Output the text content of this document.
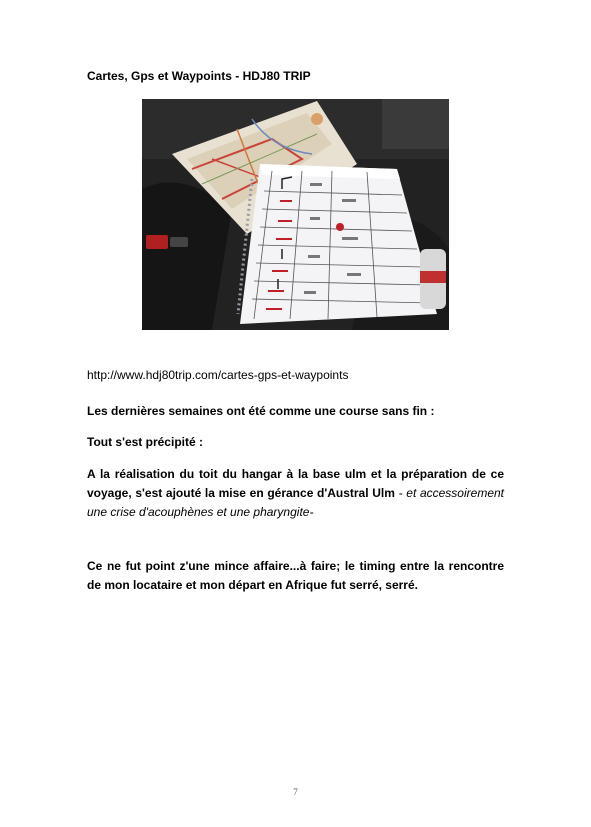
Cartes, Gps et Waypoints - HDJ80 TRIP
http://www.hdj80trip.com/cartes-gps-et-waypoints
Les dernières semaines ont été comme une course sans fin :
Tout s'est précipité :
A la réalisation du toit du hangar à la base ulm et la préparation de ce voyage, s'est ajouté la mise en gérance d'Austral Ulm - et accessoirement une crise d'acouphènes et une pharyngite-
Ce ne fut point z'une mince affaire...à faire; le timing entre la rencontre de mon locataire et mon départ en Afrique fut serré, serré.
7
